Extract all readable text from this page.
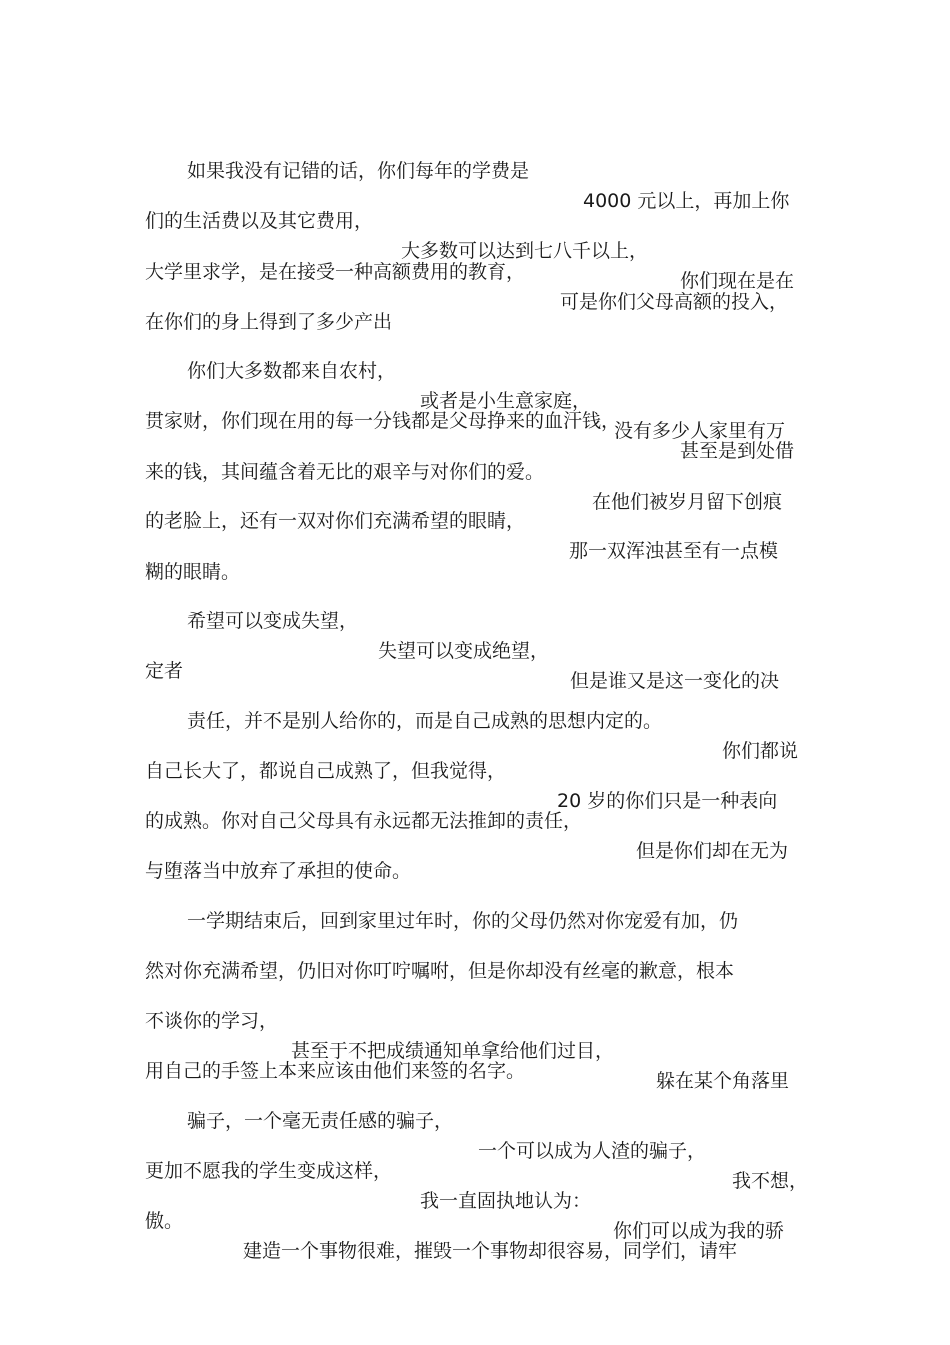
如果我没有记错的话，你们每年的学费是

4000 元以上，再加上你

们的生活费以及其它费用，

大多数可以达到七八千以上，

你们现在是在

大学里求学，是在接受一种高额费用的教育，

可是你们父母高额的投入，

在你们的身上得到了多少产出

你们大多数都来自农村，

或者是小生意家庭，

没有多少人家里有万

贯家财，你们现在用的每一分钱都是父母挣来的血汗钱，

甚至是到处借

来的钱，其间蕴含着无比的艰辛与对你们的爱。

在他们被岁月留下创痕

的老脸上，还有一双对你们充满希望的眼睛，

那一双浑浊甚至有一点模

糊的眼睛。

希望可以变成失望，

失望可以变成绝望，

但是谁又是这一变化的决

定者

责任，并不是别人给你的，而是自己成熟的思想内定的。

你们都说

自己长大了，都说自己成熟了，但我觉得，

20 岁的你们只是一种表向

的成熟。你对自己父母具有永远都无法推卸的责任，

但是你们却在无为

与堕落当中放弃了承担的使命。

一学期结束后，回到家里过年时，你的父母仍然对你宠爱有加，仍

然对你充满希望，仍旧对你叮咛嘱咐，但是你却没有丝毫的歉意，根本

不谈你的学习，

甚至于不把成绩通知单拿给他们过目，

躲在某个角落里

用自己的手签上本来应该由他们来签的名字。

骗子，一个毫无责任感的骗子，

一个可以成为人渣的骗子，

我不想，

更加不愿我的学生变成这样，

我一直固执地认为：

你们可以成为我的骄

傲。

建造一个事物很难，摧毁一个事物却很容易，同学们，请牢
